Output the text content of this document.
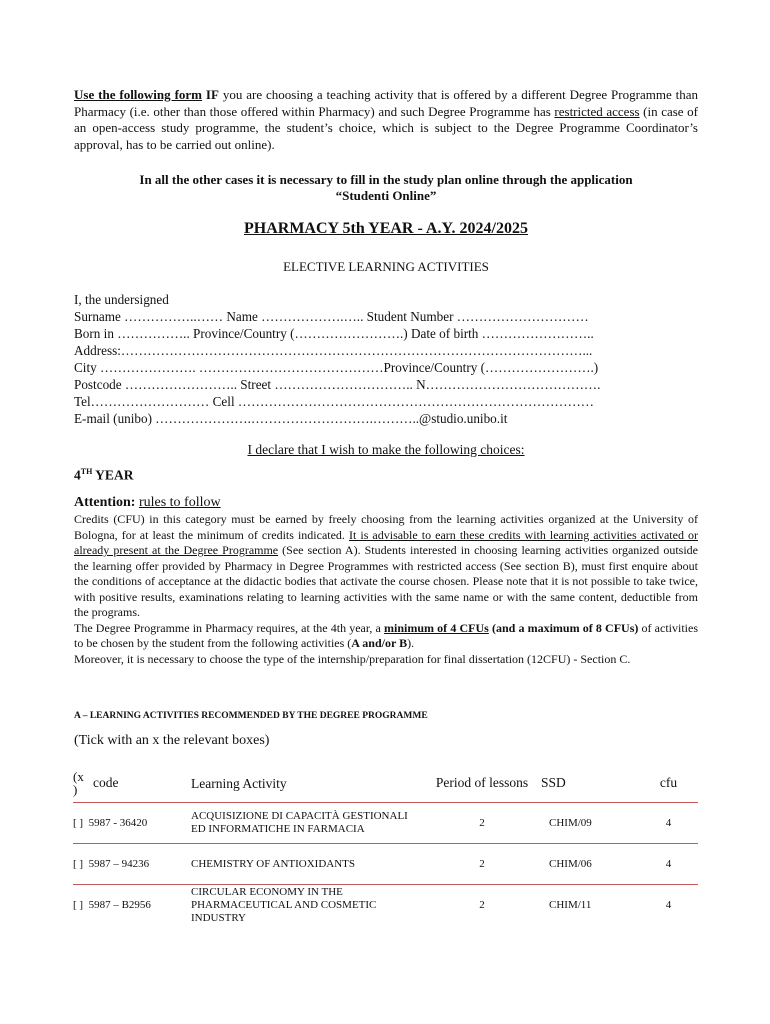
Use the following form IF you are choosing a teaching activity that is offered by a different Degree Programme than Pharmacy (i.e. other than those offered within Pharmacy) and such Degree Programme has restricted access (in case of an open-access study programme, the student’s choice, which is subject to the Degree Programme Coordinator’s approval, has to be carried out online).

In all the other cases it is necessary to fill in the study plan online through the application
“Studenti Online”
PHARMACY 5th YEAR - A.Y. 2024/2025
ELECTIVE LEARNING ACTIVITIES
I, the undersigned
Surname ……………..…… Name ……………….….. Student Number …………………………
Born in …………….. Province/Country (…………………….) Date of birth ……………………..
Address:……………………………………………………………………………………………...
City …………………. ……………………………………Province/Country (…………………….)
Postcode …………………….. Street ………………………….. N………………………………….
Tel……………………… Cell ………………………………………………………………………
E-mail (unibo) ………………….……………………….………..@studio.unibo.it
I declare that I wish to make the following choices:
4TH YEAR
Attention: rules to follow

Credits (CFU) in this category must be earned by freely choosing from the learning activities organized at the University of Bologna, for at least the minimum of credits indicated. It is advisable to earn these credits with learning activities activated or already present at the Degree Programme (See section A). Students interested in choosing learning activities organized outside the learning offer provided by Pharmacy in Degree Programmes with restricted access (See section B), must first enquire about the conditions of acceptance at the didactic bodies that activate the course chosen. Please note that it is not possible to take twice, with positive results, examinations relating to learning activities with the same name or with the same content, deductible from the programs.

The Degree Programme in Pharmacy requires, at the 4th year, a minimum of 4 CFUs (and a maximum of 8 CFUs) of activities to be chosen by the student from the following activities (A and/or B).

Moreover, it is necessary to choose the type of the internship/preparation for final dissertation (12CFU) - Section C.

A – LEARNING ACTIVITIES RECOMMENDED BY THE DEGREE PROGRAMME
(Tick with an x the relevant boxes)
(x ) code	Learning Activity	Period of lessons	SSD	cfu
[ ] 5987 - 36420	ACQUISIZIONE DI CAPACITÀ GESTIONALI ED INFORMATICHE IN FARMACIA	2	CHIM/09	4
[ ] 5987 – 94236	CHEMISTRY OF ANTIOXIDANTS	2	CHIM/06	4
[ ] 5987 – B2956	CIRCULAR ECONOMY IN THE PHARMACEUTICAL AND COSMETIC INDUSTRY	2	CHIM/11	4
